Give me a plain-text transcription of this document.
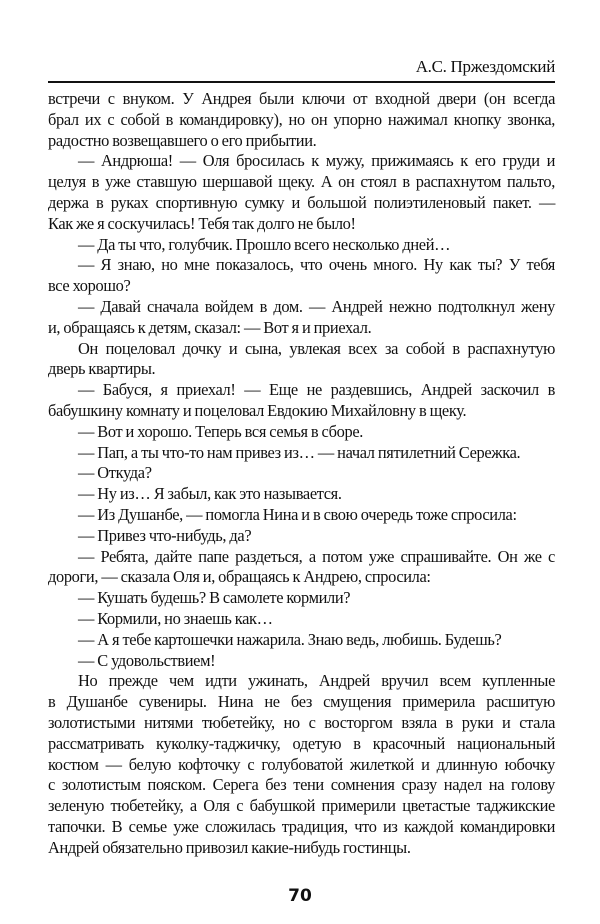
А.С. Пржездомский
встречи с внуком. У Андрея были ключи от входной двери (он всегда
брал их с собой в командировку), но он упорно нажимал кнопку звонка,
радостно возвещавшего о его прибытии.
— Андрюша! — Оля бросилась к мужу, прижимаясь к его груди и
целуя в уже ставшую шершавой щеку. А он стоял в распахнутом пальто,
держа в руках спортивную сумку и большой полиэтиленовый пакет. —
Как же я соскучилась! Тебя так долго не было!
— Да ты что, голубчик. Прошло всего несколько дней…
— Я знаю, но мне показалось, что очень много. Ну как ты? У тебя
все хорошо?
— Давай сначала войдем в дом. — Андрей нежно подтолкнул жену
и, обращаясь к детям, сказал: — Вот я и приехал.
Он поцеловал дочку и сына, увлекая всех за собой в распахнутую
дверь квартиры.
— Бабуся, я приехал! — Еще не раздевшись, Андрей заскочил в
бабушкину комнату и поцеловал Евдокию Михайловну в щеку.
— Вот и хорошо. Теперь вся семья в сборе.
— Пап, а ты что-то нам привез из… — начал пятилетний Сережка.
— Откуда?
— Ну из… Я забыл, как это называется.
— Из Душанбе, — помогла Нина и в свою очередь тоже спросила:
— Привез что-нибудь, да?
— Ребята, дайте папе раздеться, а потом уже спрашивайте. Он же с
дороги, — сказала Оля и, обращаясь к Андрею, спросила:
— Кушать будешь? В самолете кормили?
— Кормили, но знаешь как…
— А я тебе картошечки нажарила. Знаю ведь, любишь. Будешь?
— С удовольствием!
Но прежде чем идти ужинать, Андрей вручил всем купленные
в Душанбе сувениры. Нина не без смущения примерила расшитую
золотистыми нитями тюбетейку, но с восторгом взяла в руки и стала
рассматривать куколку-таджичку, одетую в красочный национальный
костюм — белую кофточку с голубоватой жилеткой и длинную юбочку
с золотистым пояском. Серега без тени сомнения сразу надел на голову
зеленую тюбетейку, а Оля с бабушкой примерили цветастые таджикские
тапочки. В семье уже сложилась традиция, что из каждой командировки
Андрей обязательно привозил какие-нибудь гостинцы.
70
